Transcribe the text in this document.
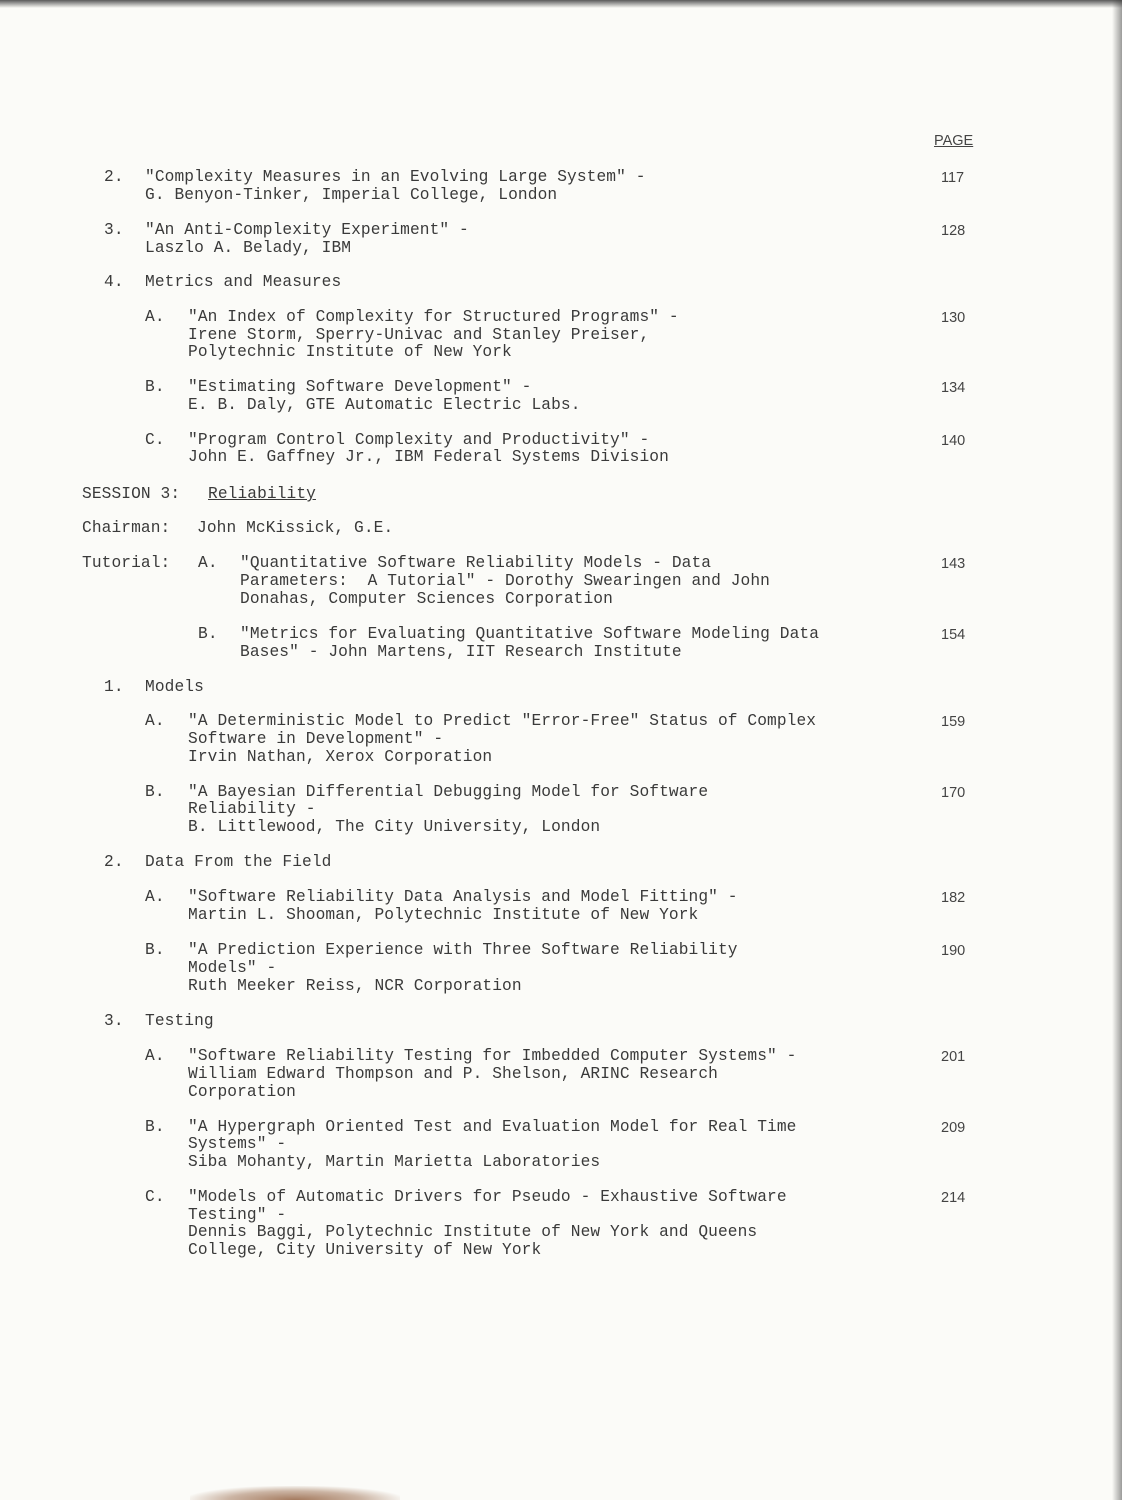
PAGE
2. "Complexity Measures in an Evolving Large System" -
G. Benyon-Tinker, Imperial College, London
117
3. "An Anti-Complexity Experiment" -
Laszlo A. Belady, IBM
128
4. Metrics and Measures
A. "An Index of Complexity for Structured Programs" -
Irene Storm, Sperry-Univac and Stanley Preiser,
Polytechnic Institute of New York
130
B. "Estimating Software Development" -
E. B. Daly, GTE Automatic Electric Labs.
134
C. "Program Control Complexity and Productivity" -
John E. Gaffney Jr., IBM Federal Systems Division
140
SESSION 3: Reliability
Chairman: John McKissick, G.E.
Tutorial: A. "Quantitative Software Reliability Models - Data
Parameters:  A Tutorial" - Dorothy Swearingen and John
Donahas, Computer Sciences Corporation
143
B. "Metrics for Evaluating Quantitative Software Modeling Data
Bases" - John Martens, IIT Research Institute
154
1. Models
A. "A Deterministic Model to Predict "Error-Free" Status of Complex
Software in Development" -
Irvin Nathan, Xerox Corporation
159
B. "A Bayesian Differential Debugging Model for Software
Reliability -
B. Littlewood, The City University, London
170
2. Data From the Field
A. "Software Reliability Data Analysis and Model Fitting" -
Martin L. Shooman, Polytechnic Institute of New York
182
B. "A Prediction Experience with Three Software Reliability
Models" -
Ruth Meeker Reiss, NCR Corporation
190
3. Testing
A. "Software Reliability Testing for Imbedded Computer Systems" -
William Edward Thompson and P. Shelson, ARINC Research
Corporation
201
B. "A Hypergraph Oriented Test and Evaluation Model for Real Time
Systems" -
Siba Mohanty, Martin Marietta Laboratories
209
C. "Models of Automatic Drivers for Pseudo - Exhaustive Software
Testing" -
Dennis Baggi, Polytechnic Institute of New York and Queens
College, City University of New York
214
